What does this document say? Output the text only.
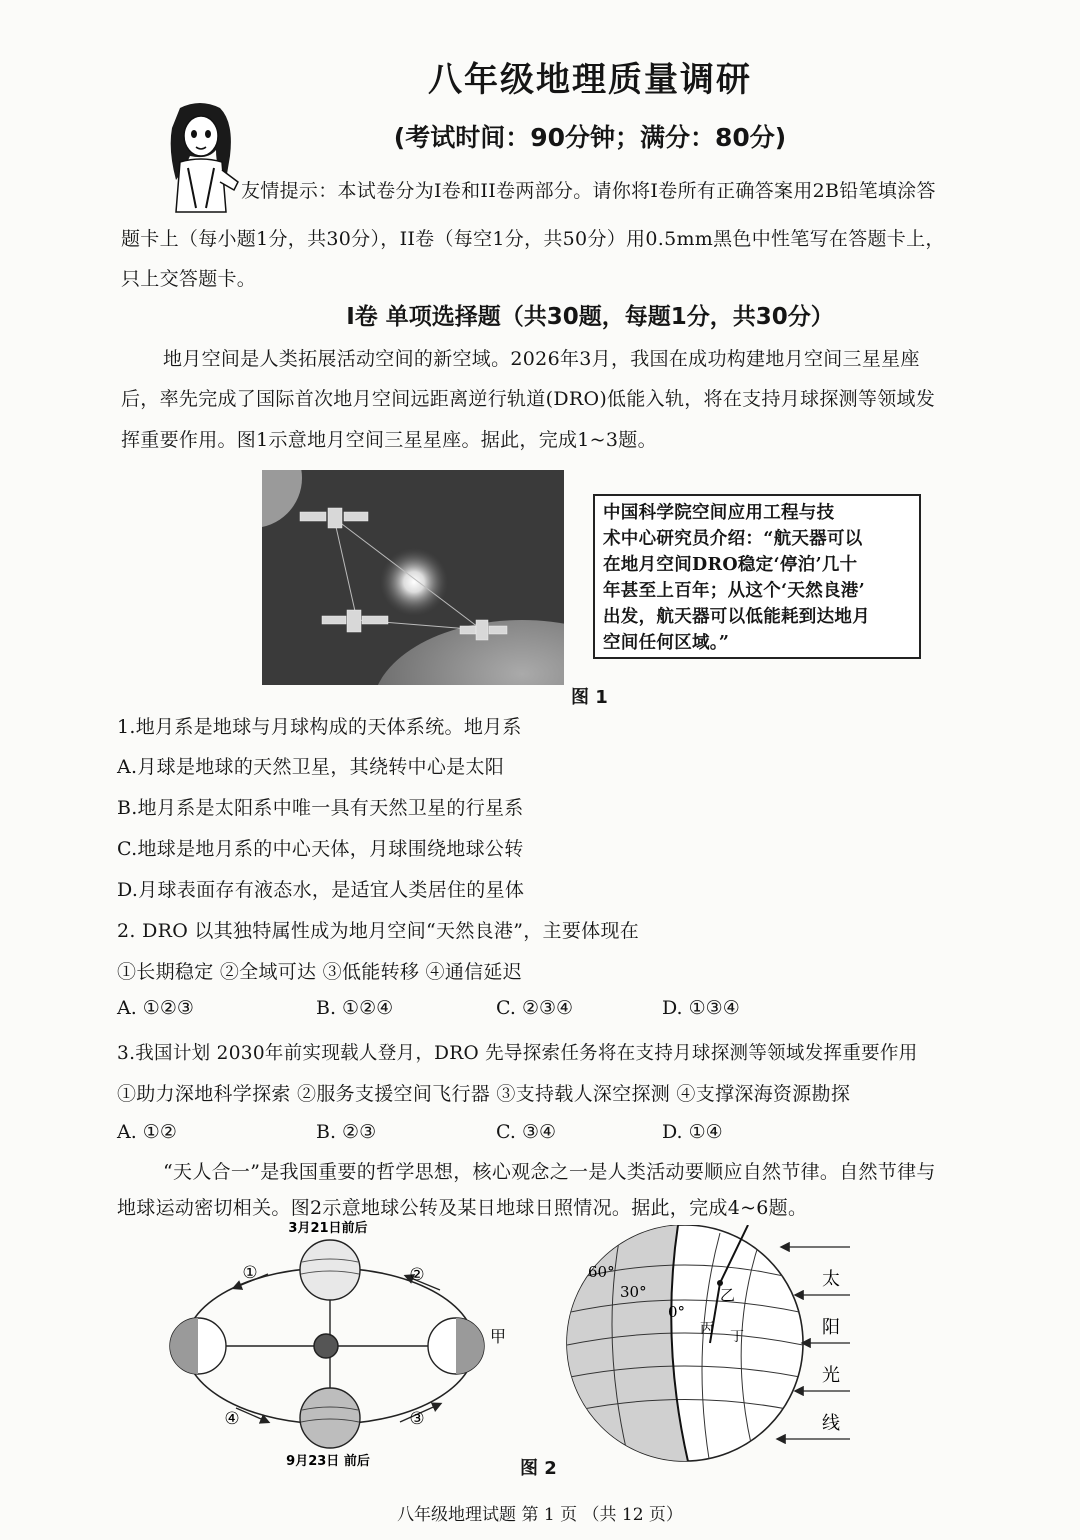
八年级地理质量调研
(考试时间：90分钟；满分：80分)
友情提示：本试卷分为I卷和II卷两部分。请你将I卷所有正确答案用2B铅笔填涂答
题卡上（每小题1分，共30分），II卷（每空1分，共50分）用0.5mm黑色中性笔写在答题卡上，
只上交答题卡。
I卷 单项选择题（共30题，每题1分，共30分）
地月空间是人类拓展活动空间的新空域。2026年3月，我国在成功构建地月空间三星星座
后，率先完成了国际首次地月空间远距离逆行轨道(DRO)低能入轨，将在支持月球探测等领域发
挥重要作用。图1示意地月空间三星星座。据此，完成1~3题。
中国科学院空间应用工程与技
术中心研究员介绍：“航天器可以
在地月空间DRO稳定‘停泊’几十
年甚至上百年；从这个‘天然良港’
出发，航天器可以低能耗到达地月
空间任何区域。”
图 1
1.地月系是地球与月球构成的天体系统。地月系
A.月球是地球的天然卫星，其绕转中心是太阳
B.地月系是太阳系中唯一具有天然卫星的行星系
C.地球是地月系的中心天体，月球围绕地球公转
D.月球表面存有液态水，是适宜人类居住的星体
2. DRO 以其独特属性成为地月空间“天然良港”，主要体现在
①长期稳定 ②全域可达 ③低能转移 ④通信延迟
A. ①②③	B. ①②④	C. ②③④	D. ①③④
3.我国计划 2030年前实现载人登月，DRO 先导探索任务将在支持月球探测等领域发挥重要作用
①助力深地科学探索 ②服务支援空间飞行器 ③支持载人深空探测 ④支撑深海资源勘探
A. ①②	B. ②③	C. ③④	D. ①④
“天人合一”是我国重要的哲学思想，核心观念之一是人类活动要顺应自然节律。自然节律与
地球运动密切相关。图2示意地球公转及某日地球日照情况。据此，完成4~6题。
3月21日前后
9月23日 前后
①	②
③
④
甲
60°
30°
0°
乙
丙 丁
太
阳
光
线
图 2
八年级地理试题 第 1 页 （共 12 页）
